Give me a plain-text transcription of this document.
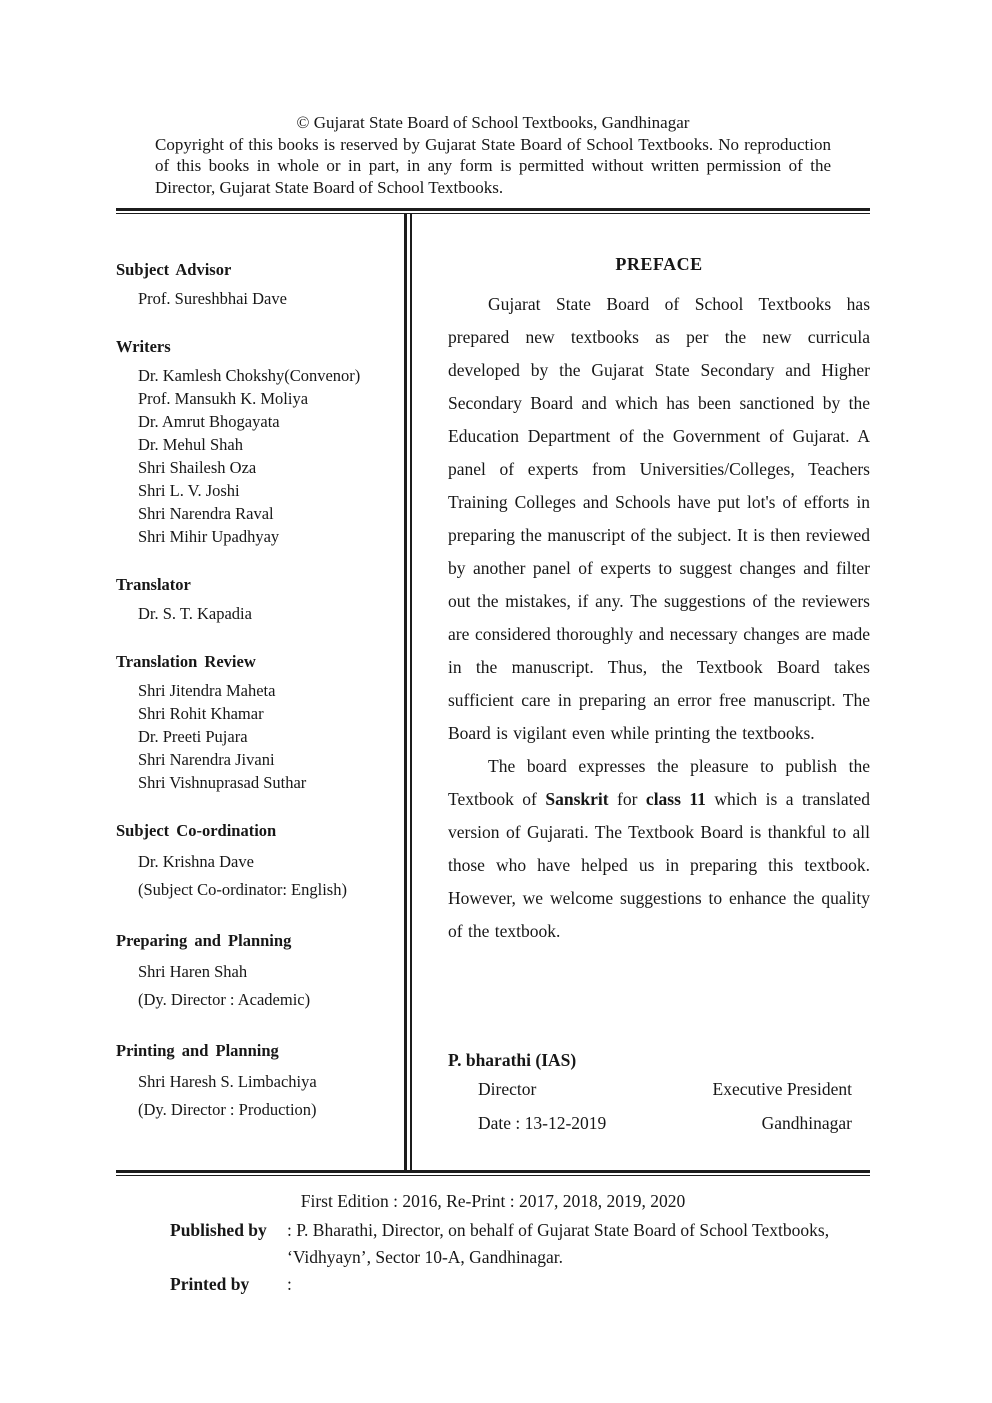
© Gujarat State Board of School Textbooks, Gandhinagar
Copyright of this books is reserved by Gujarat State Board of School Textbooks. No reproduction of this books in whole or in part, in any form is permitted without written permission of the Director, Gujarat State Board of School Textbooks.
Subject Advisor
Prof. Sureshbhai Dave
Writers
Dr. Kamlesh Chokshy(Convenor)
Prof. Mansukh K. Moliya
Dr. Amrut Bhogayata
Dr. Mehul Shah
Shri Shailesh Oza
Shri L. V. Joshi
Shri Narendra Raval
Shri Mihir Upadhyay
Translator
Dr. S. T. Kapadia
Translation Review
Shri Jitendra Maheta
Shri Rohit Khamar
Dr. Preeti Pujara
Shri Narendra Jivani
Shri Vishnuprasad Suthar
Subject Co-ordination
Dr. Krishna Dave
(Subject Co-ordinator: English)
Preparing and Planning
Shri Haren Shah
(Dy. Director : Academic)
Printing and Planning
Shri Haresh S. Limbachiya
(Dy. Director : Production)
PREFACE

Gujarat State Board of School Textbooks has prepared new textbooks as per the new curricula developed by the Gujarat State Secondary and Higher Secondary Board and which has been sanctioned by the Education Department of the Government of Gujarat. A panel of experts from Universities/Colleges, Teachers Training Colleges and Schools have put lot's of efforts in preparing the manuscript of the subject. It is then reviewed by another panel of experts to suggest changes and filter out the mistakes, if any. The suggestions of the reviewers are considered thoroughly and necessary changes are made in the manuscript. Thus, the Textbook Board takes sufficient care in preparing an error free manuscript. The Board is vigilant even while printing the textbooks.

The board expresses the pleasure to publish the Textbook of Sanskrit for class 11 which is a translated version of Gujarati. The Textbook Board is thankful to all those who have helped us in preparing this textbook. However, we welcome suggestions to enhance the quality of the textbook.

P. bharathi (IAS)
Director	Executive President
Date : 13-12-2019	Gandhinagar
First Edition : 2016, Re-Print : 2017, 2018, 2019, 2020
Published by	: P. Bharathi, Director, on behalf of Gujarat State Board of School Textbooks, ‘Vidhyayn’, Sector 10-A, Gandhinagar.
Printed by	:
